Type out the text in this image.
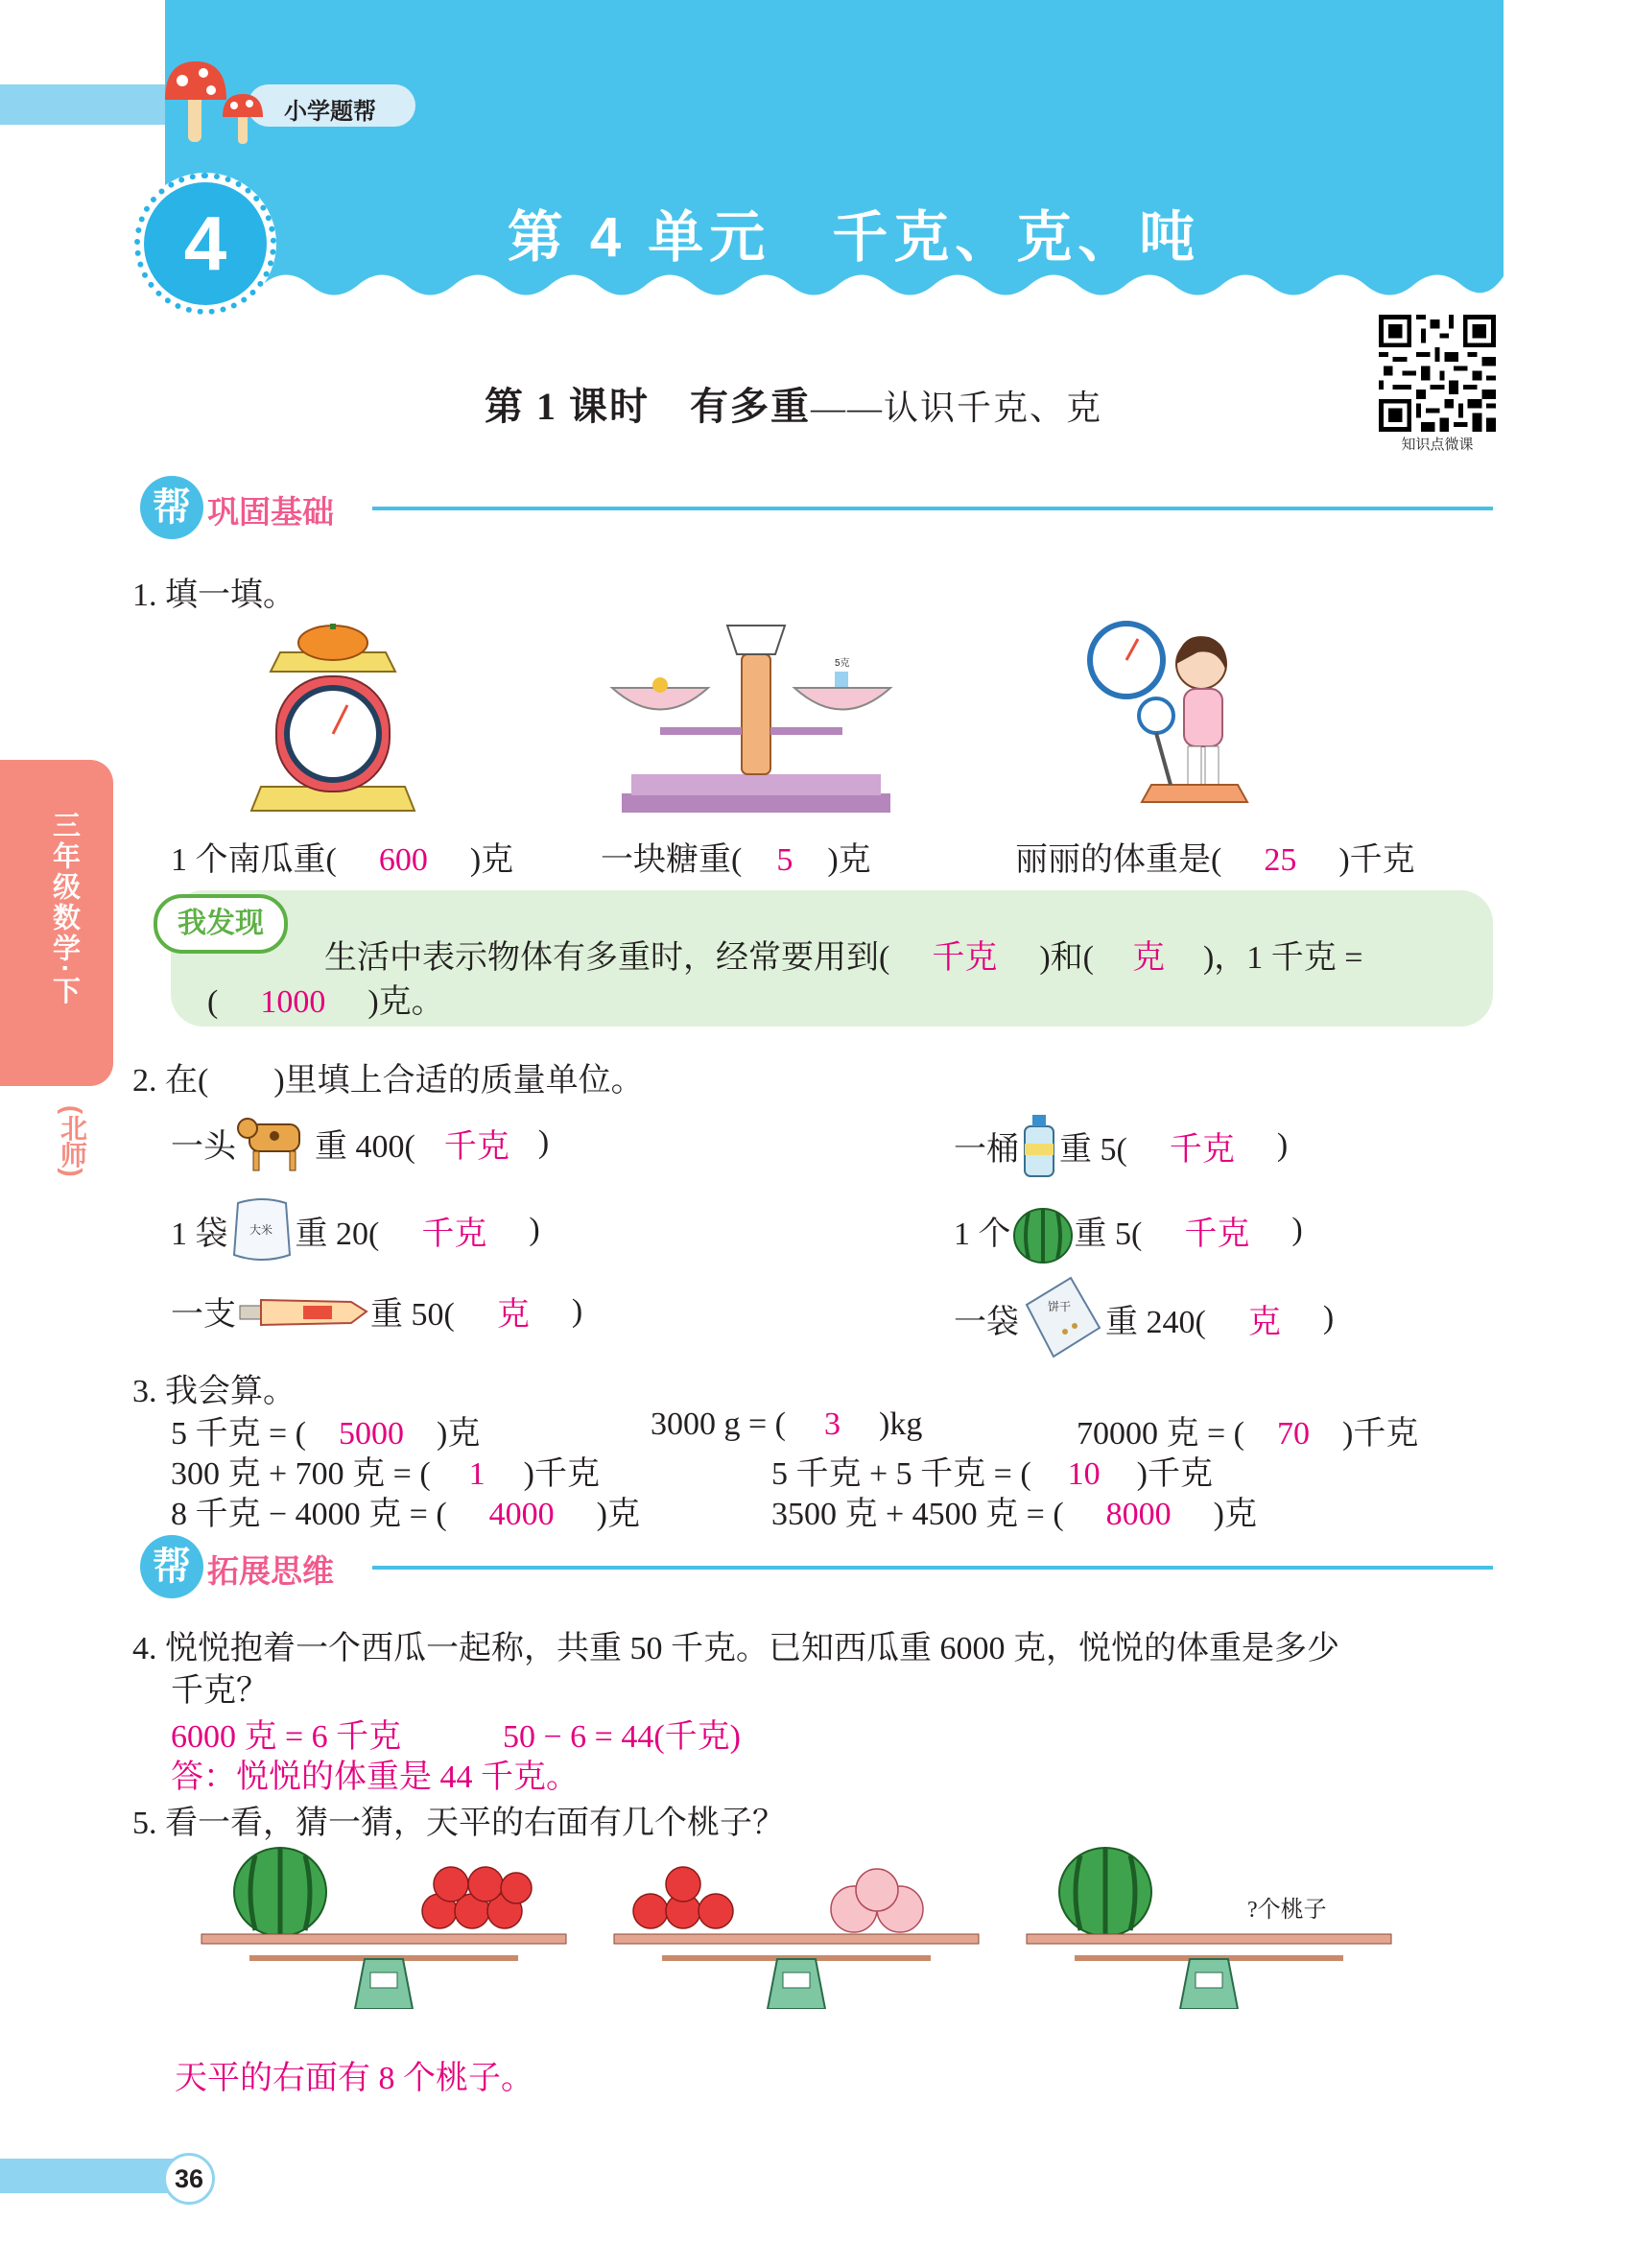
小学题帮
4	第 4 单元　千克、克、吨
第 1 课时　有多重——认识千克、克
知识点微课
三年级数学·下
(北师)
帮 巩固基础
1. 填一填。
5克
1 个南瓜重( 600 )克	一块糖重( 5 )克	丽丽的体重是( 25 )千克
我发现
生活中表示物体有多重时，经常要用到( 千克 )和( 克 )，1 千克 =
( 1000 )克。
2. 在(　　)里填上合适的质量单位。
一头 重 400( 千克 )	一桶 重 5(	千克	)
1 袋 大米 重 20(	千克	)	1 个 重 5(	千克	)
一支	重 50(	克	)	一袋	饼干 重 240(	克	)
3. 我会算。
5 千克 = ( 5000 )克	3000 g = ( 3 )kg	70000 克 = ( 70 )千克
300 克 + 700 克 = ( 1 )千克	5 千克 + 5 千克 = ( 10 )千克
8 千克 − 4000 克 = ( 4000 )克	3500 克 + 4500 克 = ( 8000 )克
帮 拓展思维
4. 悦悦抱着一个西瓜一起称，共重 50 千克。已知西瓜重 6000 克，悦悦的体重是多少
千克？
6000 克 = 6 千克	50 − 6 = 44(千克)
答：悦悦的体重是 44 千克。
5. 看一看，猜一猜，天平的右面有几个桃子？
?个桃子
天平的右面有 8 个桃子。
36
